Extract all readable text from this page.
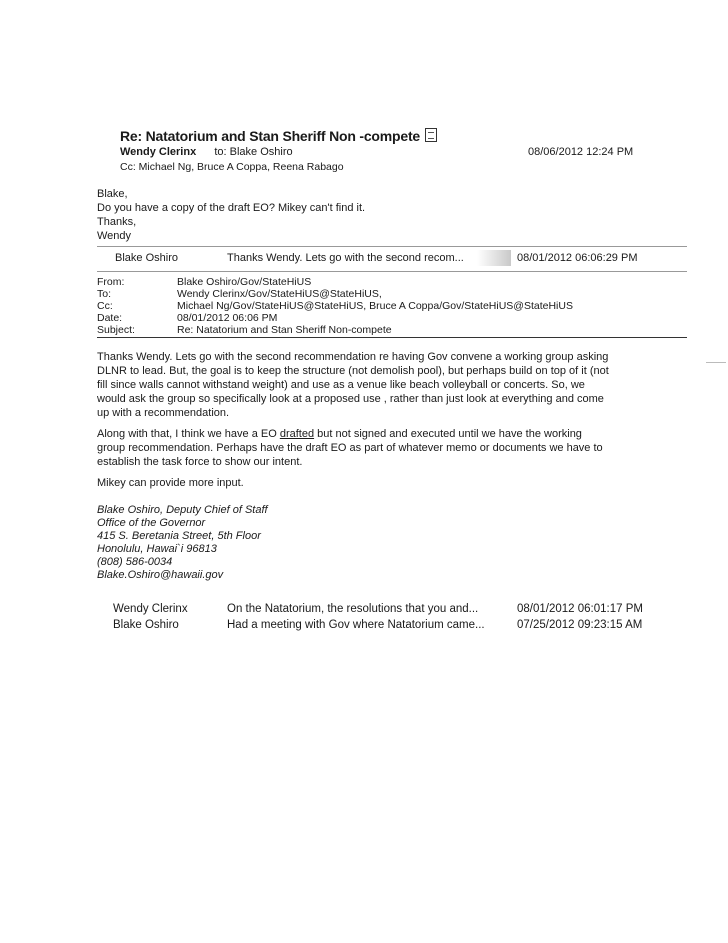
Re: Natatorium and Stan Sheriff Non -compete
Wendy Clerinx to: Blake Oshiro
Cc: Michael Ng, Bruce A Coppa, Reena Rabago
08/06/2012 12:24 PM
Blake,
Do you have a copy of the draft EO? Mikey can't find it.
Thanks,
Wendy
Blake Oshiro	Thanks Wendy. Lets go with the second recom...	08/01/2012 06:06:29 PM
From:	Blake Oshiro/Gov/StateHiUS
To:	Wendy Clerinx/Gov/StateHiUS@StateHiUS,
Cc:	Michael Ng/Gov/StateHiUS@StateHiUS, Bruce A Coppa/Gov/StateHiUS@StateHiUS
Date:	08/01/2012 06:06 PM
Subject:	Re: Natatorium and Stan Sheriff Non-compete
Thanks Wendy. Lets go with the second recommendation re having Gov convene a working group asking
DLNR to lead. But, the goal is to keep the structure (not demolish pool), but perhaps build on top of it (not
fill since walls cannot withstand weight) and use as a venue like beach volleyball or concerts. So, we
would ask the group so specifically look at a proposed use , rather than just look at everything and come
up with a recommendation.
Along with that, I think we have a EO drafted but not signed and executed until we have the working
group recommendation. Perhaps have the draft EO as part of whatever memo or documents we have to
establish the task force to show our intent.
Mikey can provide more input.
Blake Oshiro, Deputy Chief of Staff
Office of the Governor
415 S. Beretania Street, 5th Floor
Honolulu, Hawai`i 96813
(808) 586-0034
Blake.Oshiro@hawaii.gov
Wendy Clerinx	On the Natatorium, the resolutions that you and...	08/01/2012 06:01:17 PM
Blake Oshiro	Had a meeting with Gov where Natatorium came...	07/25/2012 09:23:15 AM
